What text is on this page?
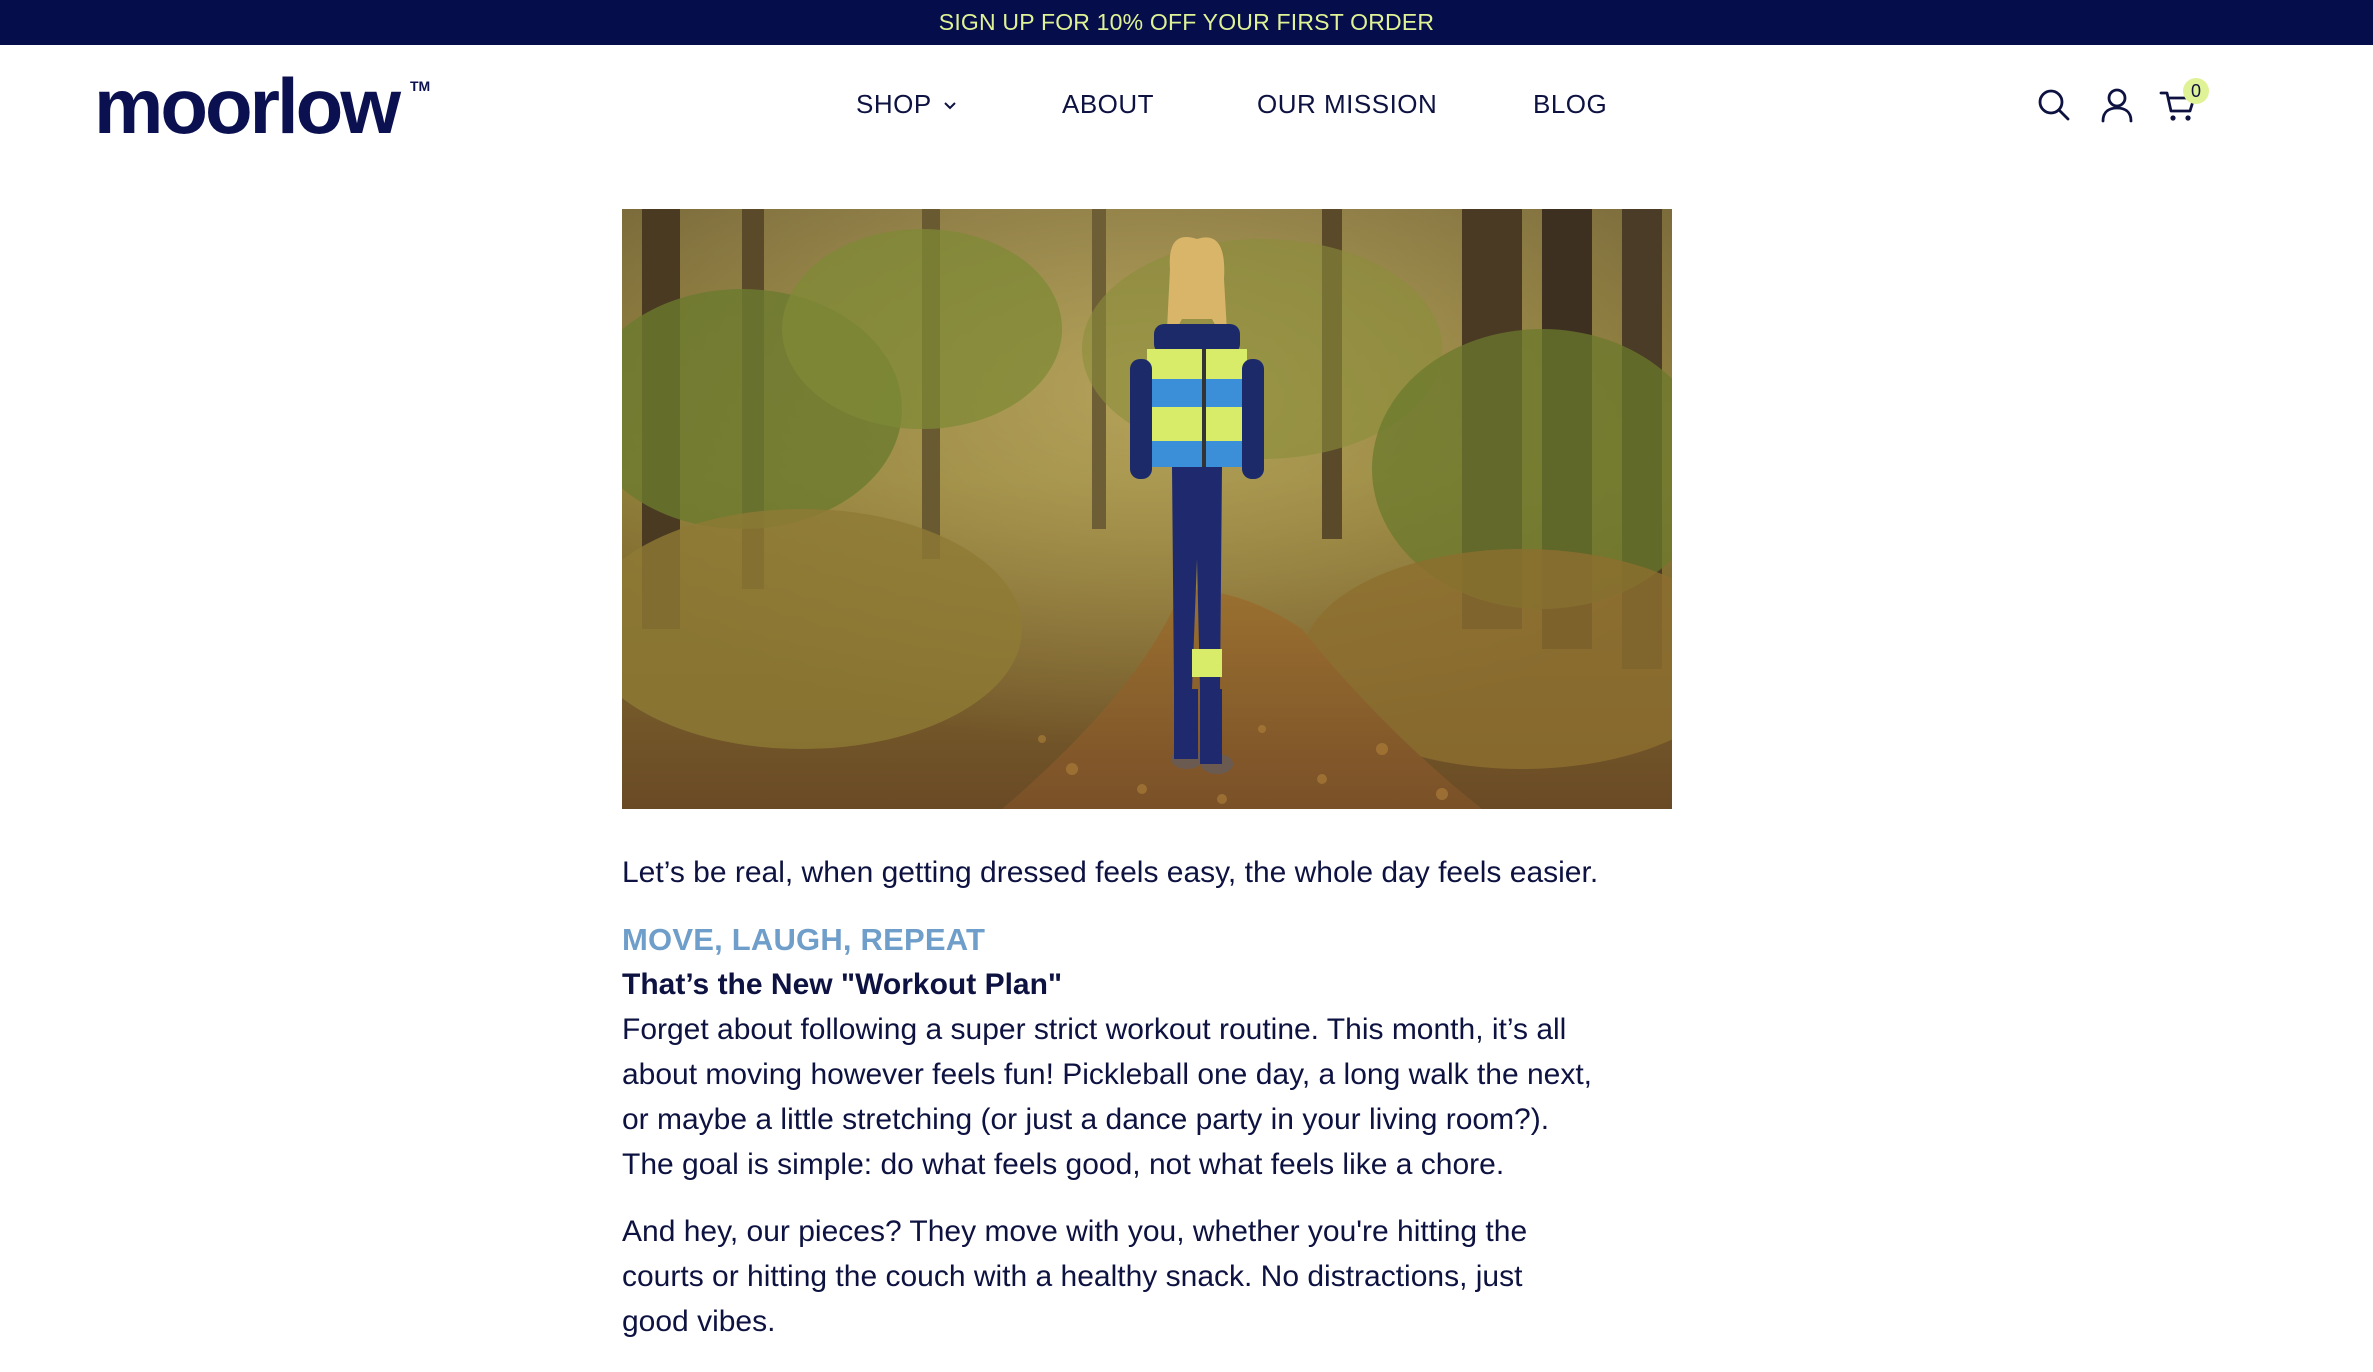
SIGN UP FOR 10% OFF YOUR FIRST ORDER
moorlow TM
SHOP	ABOUT	OUR MISSION	BLOG	0

Let’s be real, when getting dressed feels easy, the whole day feels easier.

MOVE, LAUGH, REPEAT
That’s the New "Workout Plan"
Forget about following a super strict workout routine. This month, it’s all
about moving however feels fun! Pickleball one day, a long walk the next,
or maybe a little stretching (or just a dance party in your living room?).
The goal is simple: do what feels good, not what feels like a chore.
And hey, our pieces? They move with you, whether you're hitting the
courts or hitting the couch with a healthy snack. No distractions, just
good vibes.
